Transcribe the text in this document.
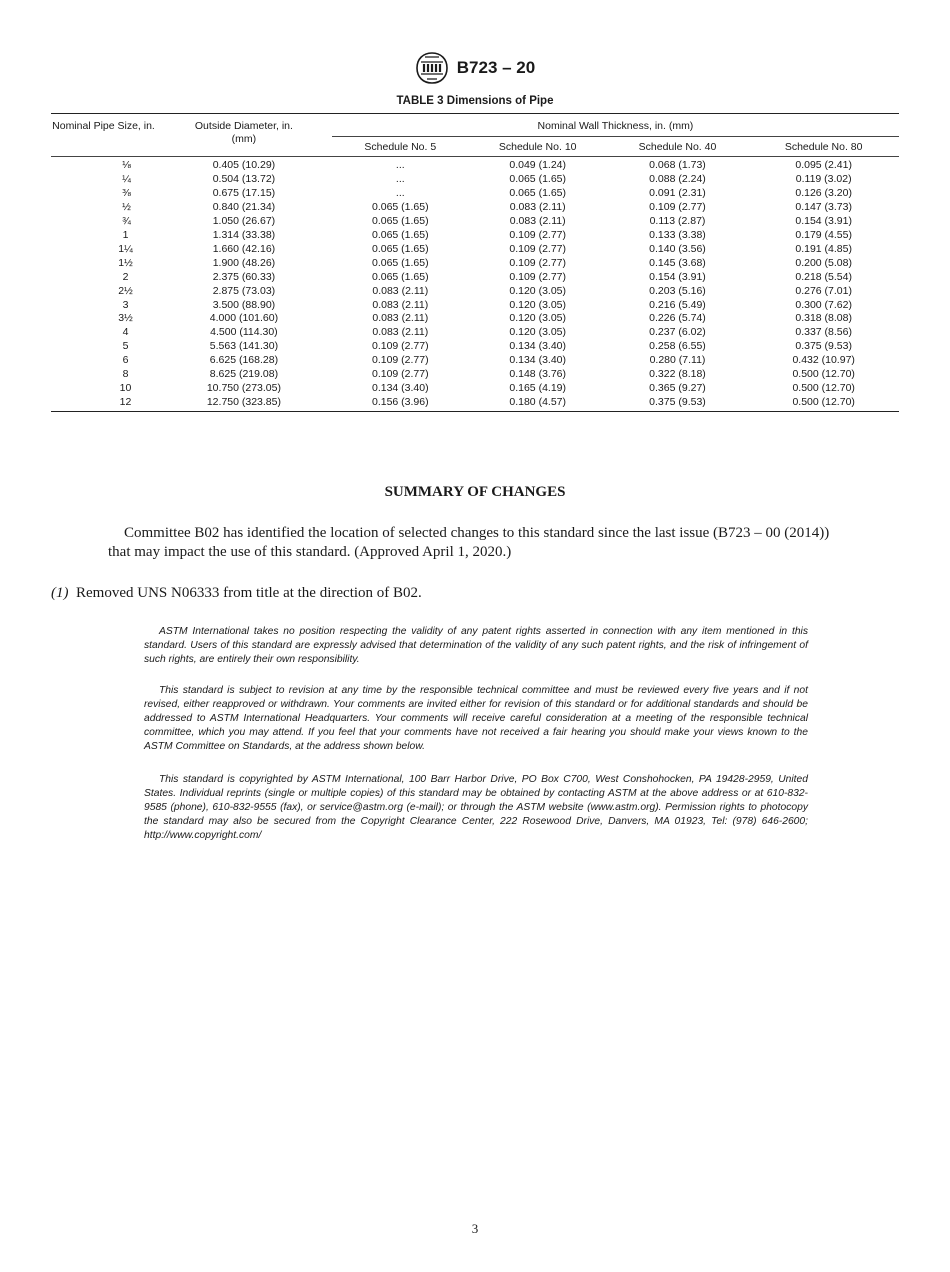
B723 – 20
TABLE 3 Dimensions of Pipe
Nominal Pipe Size, in.	Outside Diameter, in. (mm)	Nominal Wall Thickness, in. (mm)			
		Schedule No. 5	Schedule No. 10	Schedule No. 40	Schedule No. 80
⅛	0.405 (10.29)	...	0.049 (1.24)	0.068 (1.73)	0.095 (2.41)
¼	0.504 (13.72)	...	0.065 (1.65)	0.088 (2.24)	0.119 (3.02)
⅜	0.675 (17.15)	...	0.065 (1.65)	0.091 (2.31)	0.126 (3.20)
½	0.840 (21.34)	0.065 (1.65)	0.083 (2.11)	0.109 (2.77)	0.147 (3.73)
¾	1.050 (26.67)	0.065 (1.65)	0.083 (2.11)	0.113 (2.87)	0.154 (3.91)
1	1.314 (33.38)	0.065 (1.65)	0.109 (2.77)	0.133 (3.38)	0.179 (4.55)
1¼	1.660 (42.16)	0.065 (1.65)	0.109 (2.77)	0.140 (3.56)	0.191 (4.85)
1½	1.900 (48.26)	0.065 (1.65)	0.109 (2.77)	0.145 (3.68)	0.200 (5.08)
2	2.375 (60.33)	0.065 (1.65)	0.109 (2.77)	0.154 (3.91)	0.218 (5.54)
2½	2.875 (73.03)	0.083 (2.11)	0.120 (3.05)	0.203 (5.16)	0.276 (7.01)
3	3.500 (88.90)	0.083 (2.11)	0.120 (3.05)	0.216 (5.49)	0.300 (7.62)
3½	4.000 (101.60)	0.083 (2.11)	0.120 (3.05)	0.226 (5.74)	0.318 (8.08)
4	4.500 (114.30)	0.083 (2.11)	0.120 (3.05)	0.237 (6.02)	0.337 (8.56)
5	5.563 (141.30)	0.109 (2.77)	0.134 (3.40)	0.258 (6.55)	0.375 (9.53)
6	6.625 (168.28)	0.109 (2.77)	0.134 (3.40)	0.280 (7.11)	0.432 (10.97)
8	8.625 (219.08)	0.109 (2.77)	0.148 (3.76)	0.322 (8.18)	0.500 (12.70)
10	10.750 (273.05)	0.134 (3.40)	0.165 (4.19)	0.365 (9.27)	0.500 (12.70)
12	12.750 (323.85)	0.156 (3.96)	0.180 (4.57)	0.375 (9.53)	0.500 (12.70)
SUMMARY OF CHANGES
Committee B02 has identified the location of selected changes to this standard since the last issue (B723 – 00 (2014)) that may impact the use of this standard. (Approved April 1, 2020.)
(1) Removed UNS N06333 from title at the direction of B02.
ASTM International takes no position respecting the validity of any patent rights asserted in connection with any item mentioned in this standard. Users of this standard are expressly advised that determination of the validity of any such patent rights, and the risk of infringement of such rights, are entirely their own responsibility.
This standard is subject to revision at any time by the responsible technical committee and must be reviewed every five years and if not revised, either reapproved or withdrawn. Your comments are invited either for revision of this standard or for additional standards and should be addressed to ASTM International Headquarters. Your comments will receive careful consideration at a meeting of the responsible technical committee, which you may attend. If you feel that your comments have not received a fair hearing you should make your views known to the ASTM Committee on Standards, at the address shown below.
This standard is copyrighted by ASTM International, 100 Barr Harbor Drive, PO Box C700, West Conshohocken, PA 19428-2959, United States. Individual reprints (single or multiple copies) of this standard may be obtained by contacting ASTM at the above address or at 610-832-9585 (phone), 610-832-9555 (fax), or service@astm.org (e-mail); or through the ASTM website (www.astm.org). Permission rights to photocopy the standard may also be secured from the Copyright Clearance Center, 222 Rosewood Drive, Danvers, MA 01923, Tel: (978) 646-2600; http://www.copyright.com/
3
